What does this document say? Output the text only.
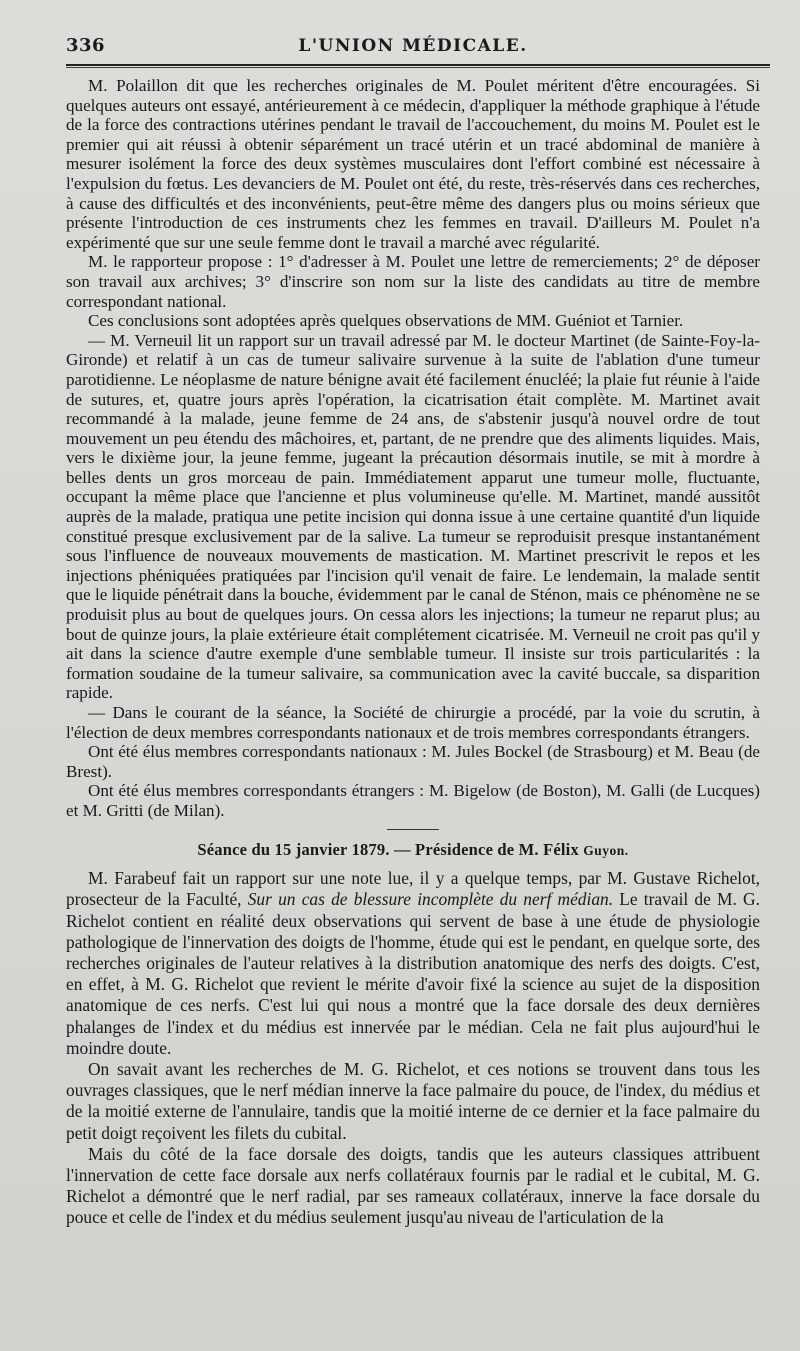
336	L'UNION MÉDICALE.

M. Polaillon dit que les recherches originales de M. Poulet méritent d'être encouragées. Si quelques auteurs ont essayé, antérieurement à ce médecin, d'appliquer la méthode graphique à l'étude de la force des contractions utérines pendant le travail de l'accouchement, du moins M. Poulet est le premier qui ait réussi à obtenir séparément un tracé utérin et un tracé abdominal de manière à mesurer isolément la force des deux systèmes musculaires dont l'effort combiné est nécessaire à l'expulsion du fœtus. Les devanciers de M. Poulet ont été, du reste, très-réservés dans ces recherches, à cause des difficultés et des inconvénients, peut-être même des dangers plus ou moins sérieux que présente l'introduction de ces instruments chez les femmes en travail. D'ailleurs M. Poulet n'a expérimenté que sur une seule femme dont le travail a marché avec régularité.

M. le rapporteur propose : 1° d'adresser à M. Poulet une lettre de remerciements; 2° de déposer son travail aux archives; 3° d'inscrire son nom sur la liste des candidats au titre de membre correspondant national.

Ces conclusions sont adoptées après quelques observations de MM. Guéniot et Tarnier.

— M. Verneuil lit un rapport sur un travail adressé par M. le docteur Martinet (de Sainte-Foy-la-Gironde) et relatif à un cas de tumeur salivaire survenue à la suite de l'ablation d'une tumeur parotidienne. Le néoplasme de nature bénigne avait été facilement énucléé; la plaie fut réunie à l'aide de sutures, et, quatre jours après l'opération, la cicatrisation était complète. M. Martinet avait recommandé à la malade, jeune femme de 24 ans, de s'abstenir jusqu'à nouvel ordre de tout mouvement un peu étendu des mâchoires, et, partant, de ne prendre que des aliments liquides. Mais, vers le dixième jour, la jeune femme, jugeant la précaution désormais inutile, se mit à mordre à belles dents un gros morceau de pain. Immédiatement apparut une tumeur molle, fluctuante, occupant la même place que l'ancienne et plus volumineuse qu'elle. M. Martinet, mandé aussitôt auprès de la malade, pratiqua une petite incision qui donna issue à une certaine quantité d'un liquide constitué presque exclusivement par de la salive. La tumeur se reproduisit presque instantanément sous l'influence de nouveaux mouvements de mastication. M. Martinet prescrivit le repos et les injections phéniquées pratiquées par l'incision qu'il venait de faire. Le lendemain, la malade sentit que le liquide pénétrait dans la bouche, évidemment par le canal de Sténon, mais ce phénomène ne se produisit plus au bout de quelques jours. On cessa alors les injections; la tumeur ne reparut plus; au bout de quinze jours, la plaie extérieure était complétement cicatrisée. M. Verneuil ne croit pas qu'il y ait dans la science d'autre exemple d'une semblable tumeur. Il insiste sur trois particularités : la formation soudaine de la tumeur salivaire, sa communication avec la cavité buccale, sa disparition rapide.

— Dans le courant de la séance, la Société de chirurgie a procédé, par la voie du scrutin, à l'élection de deux membres correspondants nationaux et de trois membres correspondants étrangers.

Ont été élus membres correspondants nationaux : M. Jules Bockel (de Strasbourg) et M. Beau (de Brest).

Ont été élus membres correspondants étrangers : M. Bigelow (de Boston), M. Galli (de Lucques) et M. Gritti (de Milan).

Séance du 15 janvier 1879. — Présidence de M. Félix Guyon.

M. Farabeuf fait un rapport sur une note lue, il y a quelque temps, par M. Gustave Richelot, prosecteur de la Faculté, Sur un cas de blessure incomplète du nerf médian. Le travail de M. G. Richelot contient en réalité deux observations qui servent de base à une étude de physiologie pathologique de l'innervation des doigts de l'homme, étude qui est le pendant, en quelque sorte, des recherches originales de l'auteur relatives à la distribution anatomique des nerfs des doigts. C'est, en effet, à M. G. Richelot que revient le mérite d'avoir fixé la science au sujet de la disposition anatomique de ces nerfs. C'est lui qui nous a montré que la face dorsale des deux dernières phalanges de l'index et du médius est innervée par le médian. Cela ne fait plus aujourd'hui le moindre doute.

On savait avant les recherches de M. G. Richelot, et ces notions se trouvent dans tous les ouvrages classiques, que le nerf médian innerve la face palmaire du pouce, de l'index, du médius et de la moitié externe de l'annulaire, tandis que la moitié interne de ce dernier et la face palmaire du petit doigt reçoivent les filets du cubital.

Mais du côté de la face dorsale des doigts, tandis que les auteurs classiques attribuent l'innervation de cette face dorsale aux nerfs collatéraux fournis par le radial et le cubital, M. G. Richelot a démontré que le nerf radial, par ses rameaux collatéraux, innerve la face dorsale du pouce et celle de l'index et du médius seulement jusqu'au niveau de l'articulation de la
